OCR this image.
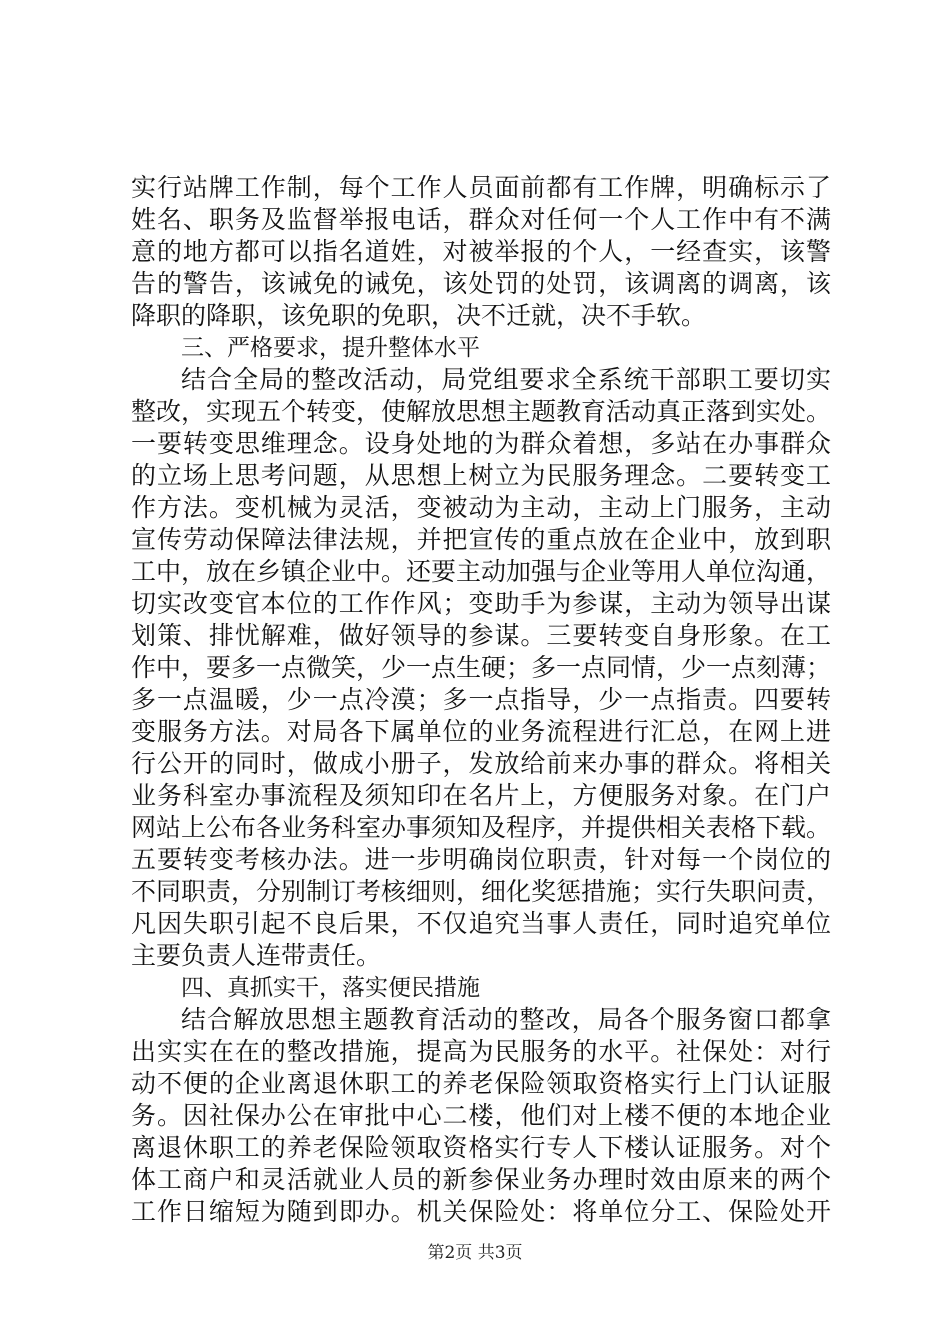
实行站牌工作制，每个工作人员面前都有工作牌，明确标示了
姓名、职务及监督举报电话，群众对任何一个人工作中有不满
意的地方都可以指名道姓，对被举报的个人，一经查实，该警
告的警告，该诫免的诫免，该处罚的处罚，该调离的调离，该
降职的降职，该免职的免职，决不迁就，决不手软。
三、严格要求，提升整体水平
结合全局的整改活动，局党组要求全系统干部职工要切实
整改，实现五个转变，使解放思想主题教育活动真正落到实处。
一要转变思维理念。设身处地的为群众着想，多站在办事群众
的立场上思考问题，从思想上树立为民服务理念。二要转变工
作方法。变机械为灵活，变被动为主动，主动上门服务，主动
宣传劳动保障法律法规，并把宣传的重点放在企业中，放到职
工中，放在乡镇企业中。还要主动加强与企业等用人单位沟通，
切实改变官本位的工作作风；变助手为参谋，主动为领导出谋
划策、排忧解难，做好领导的参谋。三要转变自身形象。在工
作中，要多一点微笑，少一点生硬；多一点同情，少一点刻薄；
多一点温暖，少一点冷漠；多一点指导，少一点指责。四要转
变服务方法。对局各下属单位的业务流程进行汇总，在网上进
行公开的同时，做成小册子，发放给前来办事的群众。将相关
业务科室办事流程及须知印在名片上，方便服务对象。在门户
网站上公布各业务科室办事须知及程序，并提供相关表格下载。
五要转变考核办法。进一步明确岗位职责，针对每一个岗位的
不同职责，分别制订考核细则，细化奖惩措施；实行失职问责，
凡因失职引起不良后果，不仅追究当事人责任，同时追究单位
主要负责人连带责任。
四、真抓实干，落实便民措施
结合解放思想主题教育活动的整改，局各个服务窗口都拿
出实实在在的整改措施，提高为民服务的水平。社保处：对行
动不便的企业离退休职工的养老保险领取资格实行上门认证服
务。因社保办公在审批中心二楼，他们对上楼不便的本地企业
离退休职工的养老保险领取资格实行专人下楼认证服务。对个
体工商户和灵活就业人员的新参保业务办理时效由原来的两个
工作日缩短为随到即办。机关保险处：将单位分工、保险处开
第2页 共3页
